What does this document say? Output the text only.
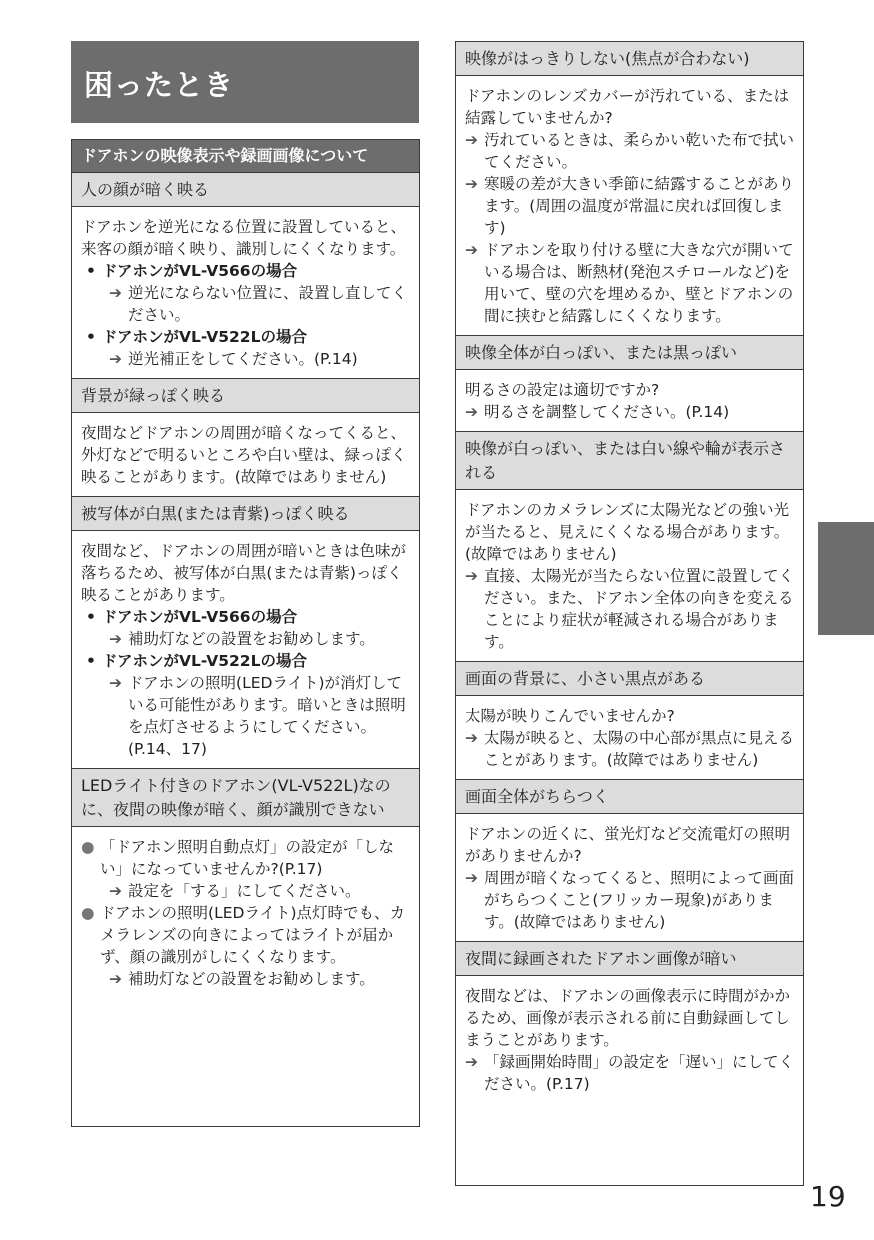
困ったとき
ドアホンの映像表示や録画画像について
人の顔が暗く映る

ドアホンを逆光になる位置に設置していると、来客の顔が暗く映り、識別しにくくなります。

• ドアホンがVL-V566の場合
➔ 逆光にならない位置に、設置し直してください。
• ドアホンがVL-V522Lの場合
➔ 逆光補正をしてください。(P.14)
背景が緑っぽく映る

夜間などドアホンの周囲が暗くなってくると、外灯などで明るいところや白い壁は、緑っぽく映ることがあります。(故障ではありません)

被写体が白黒(または青紫)っぽく映る

夜間など、ドアホンの周囲が暗いときは色味が落ちるため、被写体が白黒(または青紫)っぽく映ることがあります。

• ドアホンがVL-V566の場合
➔ 補助灯などの設置をお勧めします。
• ドアホンがVL-V522Lの場合
➔ ドアホンの照明(LEDライト)が消灯している可能性があります。暗いときは照明を点灯させるようにしてください。(P.14、17)
LEDライト付きのドアホン(VL-V522L)なのに、夜間の映像が暗く、顔が識別できない
● 「ドアホン照明自動点灯」の設定が「しない」になっていませんか?(P.17)
➔ 設定を「する」にしてください。
● ドアホンの照明(LEDライト)点灯時でも、カメラレンズの向きによってはライトが届かず、顔の識別がしにくくなります。
➔ 補助灯などの設置をお勧めします。
映像がはっきりしない(焦点が合わない)

ドアホンのレンズカバーが汚れている、または結露していませんか?

➔ 汚れているときは、柔らかい乾いた布で拭いてください。
➔ 寒暖の差が大きい季節に結露することがあります。(周囲の温度が常温に戻れば回復します)
➔ ドアホンを取り付ける壁に大きな穴が開いている場合は、断熱材(発泡スチロールなど)を用いて、壁の穴を埋めるか、壁とドアホンの間に挟むと結露しにくくなります。
映像全体が白っぽい、または黒っぽい

明るさの設定は適切ですか?

➔ 明るさを調整してください。(P.14)
映像が白っぽい、または白い線や輪が表示される

ドアホンのカメラレンズに太陽光などの強い光が当たると、見えにくくなる場合があります。(故障ではありません)

➔ 直接、太陽光が当たらない位置に設置してください。また、ドアホン全体の向きを変えることにより症状が軽減される場合があります。
画面の背景に、小さい黒点がある

太陽が映りこんでいませんか?

➔ 太陽が映ると、太陽の中心部が黒点に見えることがあります。(故障ではありません)
画面全体がちらつく

ドアホンの近くに、蛍光灯など交流電灯の照明がありませんか?

➔ 周囲が暗くなってくると、照明によって画面がちらつくこと(フリッカー現象)があります。(故障ではありません)
夜間に録画されたドアホン画像が暗い

夜間などは、ドアホンの画像表示に時間がかかるため、画像が表示される前に自動録画してしまうことがあります。

➔ 「録画開始時間」の設定を「遅い」にしてください。(P.17)
19
